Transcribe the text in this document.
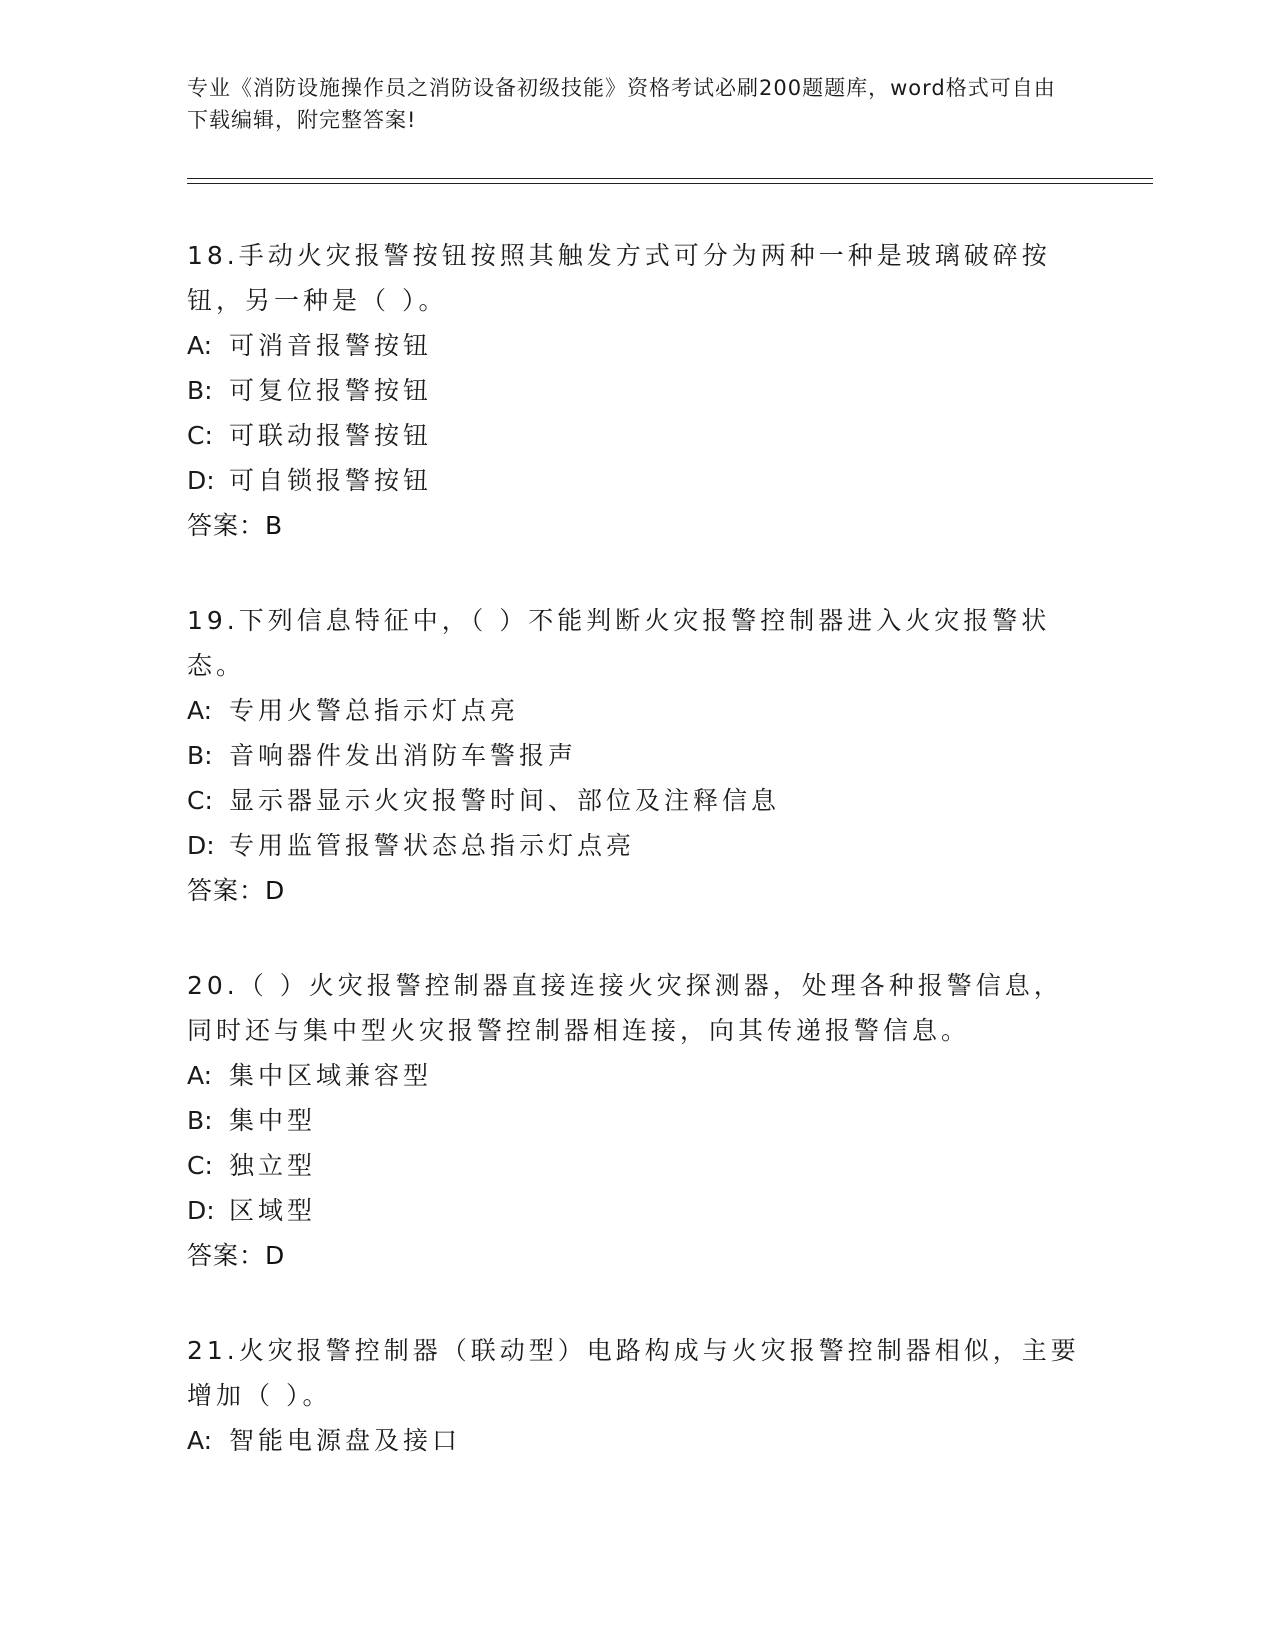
专业《消防设施操作员之消防设备初级技能》资格考试必刷200题题库，word格式可自由下载编辑，附完整答案!

18.手动火灾报警按钮按照其触发方式可分为两种一种是玻璃破碎按钮，另一种是（ ）。

A: 可消音报警按钮

B: 可复位报警按钮

C: 可联动报警按钮

D: 可自锁报警按钮

答案：B

19.下列信息特征中，（ ）不能判断火灾报警控制器进入火灾报警状态。

A: 专用火警总指示灯点亮

B: 音响器件发出消防车警报声

C: 显示器显示火灾报警时间、部位及注释信息

D: 专用监管报警状态总指示灯点亮

答案：D

20.（ ）火灾报警控制器直接连接火灾探测器，处理各种报警信息，同时还与集中型火灾报警控制器相连接，向其传递报警信息。

A: 集中区域兼容型

B: 集中型

C: 独立型

D: 区域型

答案：D

21.火灾报警控制器（联动型）电路构成与火灾报警控制器相似，主要增加（ ）。

A: 智能电源盘及接口
